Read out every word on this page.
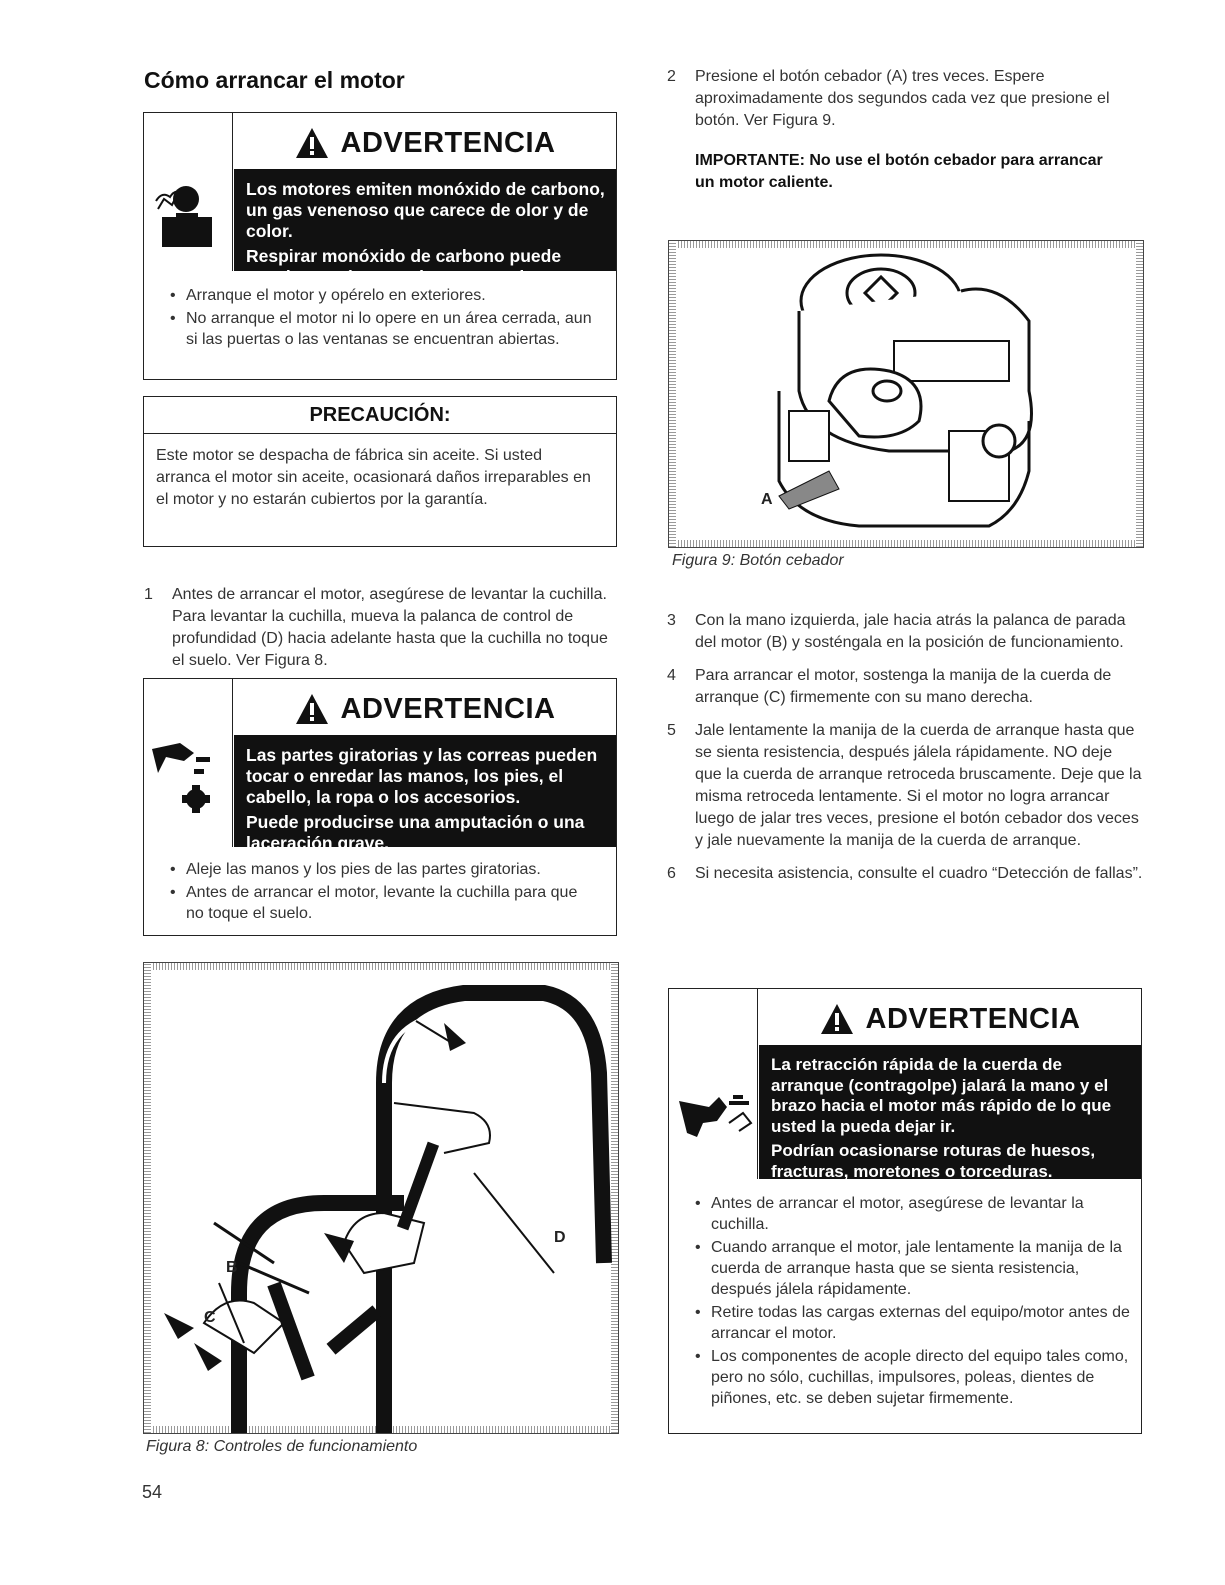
Cómo arrancar el motor
ADVERTENCIA

Los motores emiten monóxido de carbono, un gas venenoso que carece de olor y de color.

Respirar monóxido de carbono puede ocasionar náuseas, desmayos o la muerte.

• Arranque el motor y opérelo en exteriores.
• No arranque el motor ni lo opere en un área cerrada, aun si las puertas o las ventanas se encuentran abiertas.
PRECAUCIÓN:
Este motor se despacha de fábrica sin aceite. Si usted arranca el motor sin aceite, ocasionará daños irreparables en el motor y no estarán cubiertos por la garantía.
1 Antes de arrancar el motor, asegúrese de levantar la cuchilla. Para levantar la cuchilla, mueva la palanca de control de profundidad (D) hacia adelante hasta que la cuchilla no toque el suelo. Ver Figura 8.
ADVERTENCIA

Las partes giratorias y las correas pueden tocar o enredar las manos, los pies, el cabello, la ropa o los accesorios.

Puede producirse una amputación o una laceración grave.

• Aleje las manos y los pies de las partes giratorias.
• Antes de arrancar el motor, levante la cuchilla para que no toque el suelo.
D
B
C
Figura 8: Controles de funcionamiento
54
2 Presione el botón cebador (A) tres veces. Espere aproximadamente dos segundos cada vez que presione el botón. Ver Figura 9.
IMPORTANTE: No use el botón cebador para arrancar un motor caliente.
A
Figura 9: Botón cebador
3 Con la mano izquierda, jale hacia atrás la palanca de parada del motor (B) y sosténgala en la posición de funcionamiento.
4 Para arrancar el motor, sostenga la manija de la cuerda de arranque (C) firmemente con su mano derecha.
5 Jale lentamente la manija de la cuerda de arranque hasta que se sienta resistencia, después jálela rápidamente. NO deje que la cuerda de arranque retroceda bruscamente. Deje que la misma retroceda lentamente. Si el motor no logra arrancar luego de jalar tres veces, presione el botón cebador dos veces y jale nuevamente la manija de la cuerda de arranque.
6 Si necesita asistencia, consulte el cuadro “Detección de fallas”.
ADVERTENCIA

La retracción rápida de la cuerda de arranque (contragolpe) jalará la mano y el brazo hacia el motor más rápido de lo que usted la pueda dejar ir.

Podrían ocasionarse roturas de huesos, fracturas, moretones o torceduras.

• Antes de arrancar el motor, asegúrese de levantar la cuchilla.
• Cuando arranque el motor, jale lentamente la manija de la cuerda de arranque hasta que se sienta resistencia, después jálela rápidamente.
• Retire todas las cargas externas del equipo/motor antes de arrancar el motor.
• Los componentes de acople directo del equipo tales como, pero no sólo, cuchillas, impulsores, poleas, dientes de piñones, etc. se deben sujetar firmemente.
